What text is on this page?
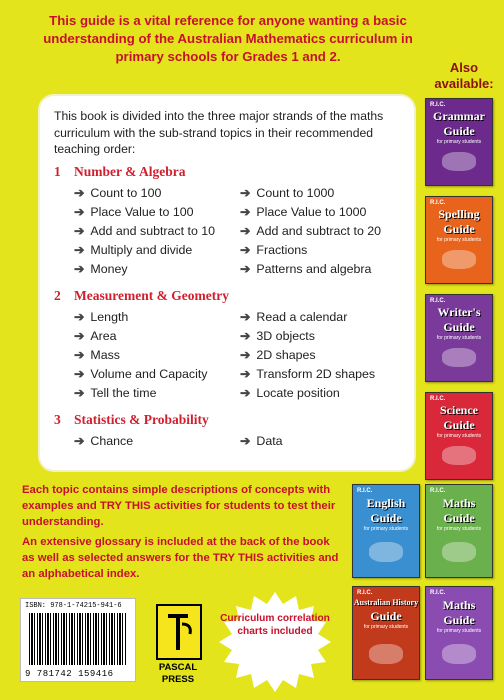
This guide is a vital reference for anyone wanting a basic understanding of the Australian Mathematics curriculum in primary schools for Grades 1 and 2.
This book is divided into the three major strands of the maths curriculum with the sub-strand topics in their recommended teaching order:
1 Number & Algebra
➔ Count to 100
➔ Place Value to 100
➔ Add and subtract to 10
➔ Multiply and divide
➔ Money
➔ Count to 1000
➔ Place Value to 1000
➔ Add and subtract to 20
➔ Fractions
➔ Patterns and algebra
2 Measurement & Geometry
➔ Length
➔ Area
➔ Mass
➔ Volume and Capacity
➔ Tell the time
➔ Read a calendar
➔ 3D objects
➔ 2D shapes
➔ Transform 2D shapes
➔ Locate position
3 Statistics & Probability
➔ Chance	➔ Data
Each topic contains simple descriptions of concepts with examples and TRY THIS activities for students to test their understanding.
An extensive glossary is included at the back of the book as well as selected answers for the TRY THIS activities and an alphabetical index.
Also available:
R.I.C.
Grammar
Guide
for primary students
R.I.C.
Spelling
Guide
for primary students
R.I.C.
Writer's
Guide
for primary students
R.I.C.
Science
Guide
for primary students
R.I.C.
English
Guide
for primary students
R.I.C.
Maths
Guide
for primary students
R.I.C.
Australian History
Guide
for primary students
R.I.C.
Maths
Guide
for primary students
ISBN: 978-1-74215-941-6
9 781742 159416
PASCAL
PRESS
Curriculum correlation charts included
